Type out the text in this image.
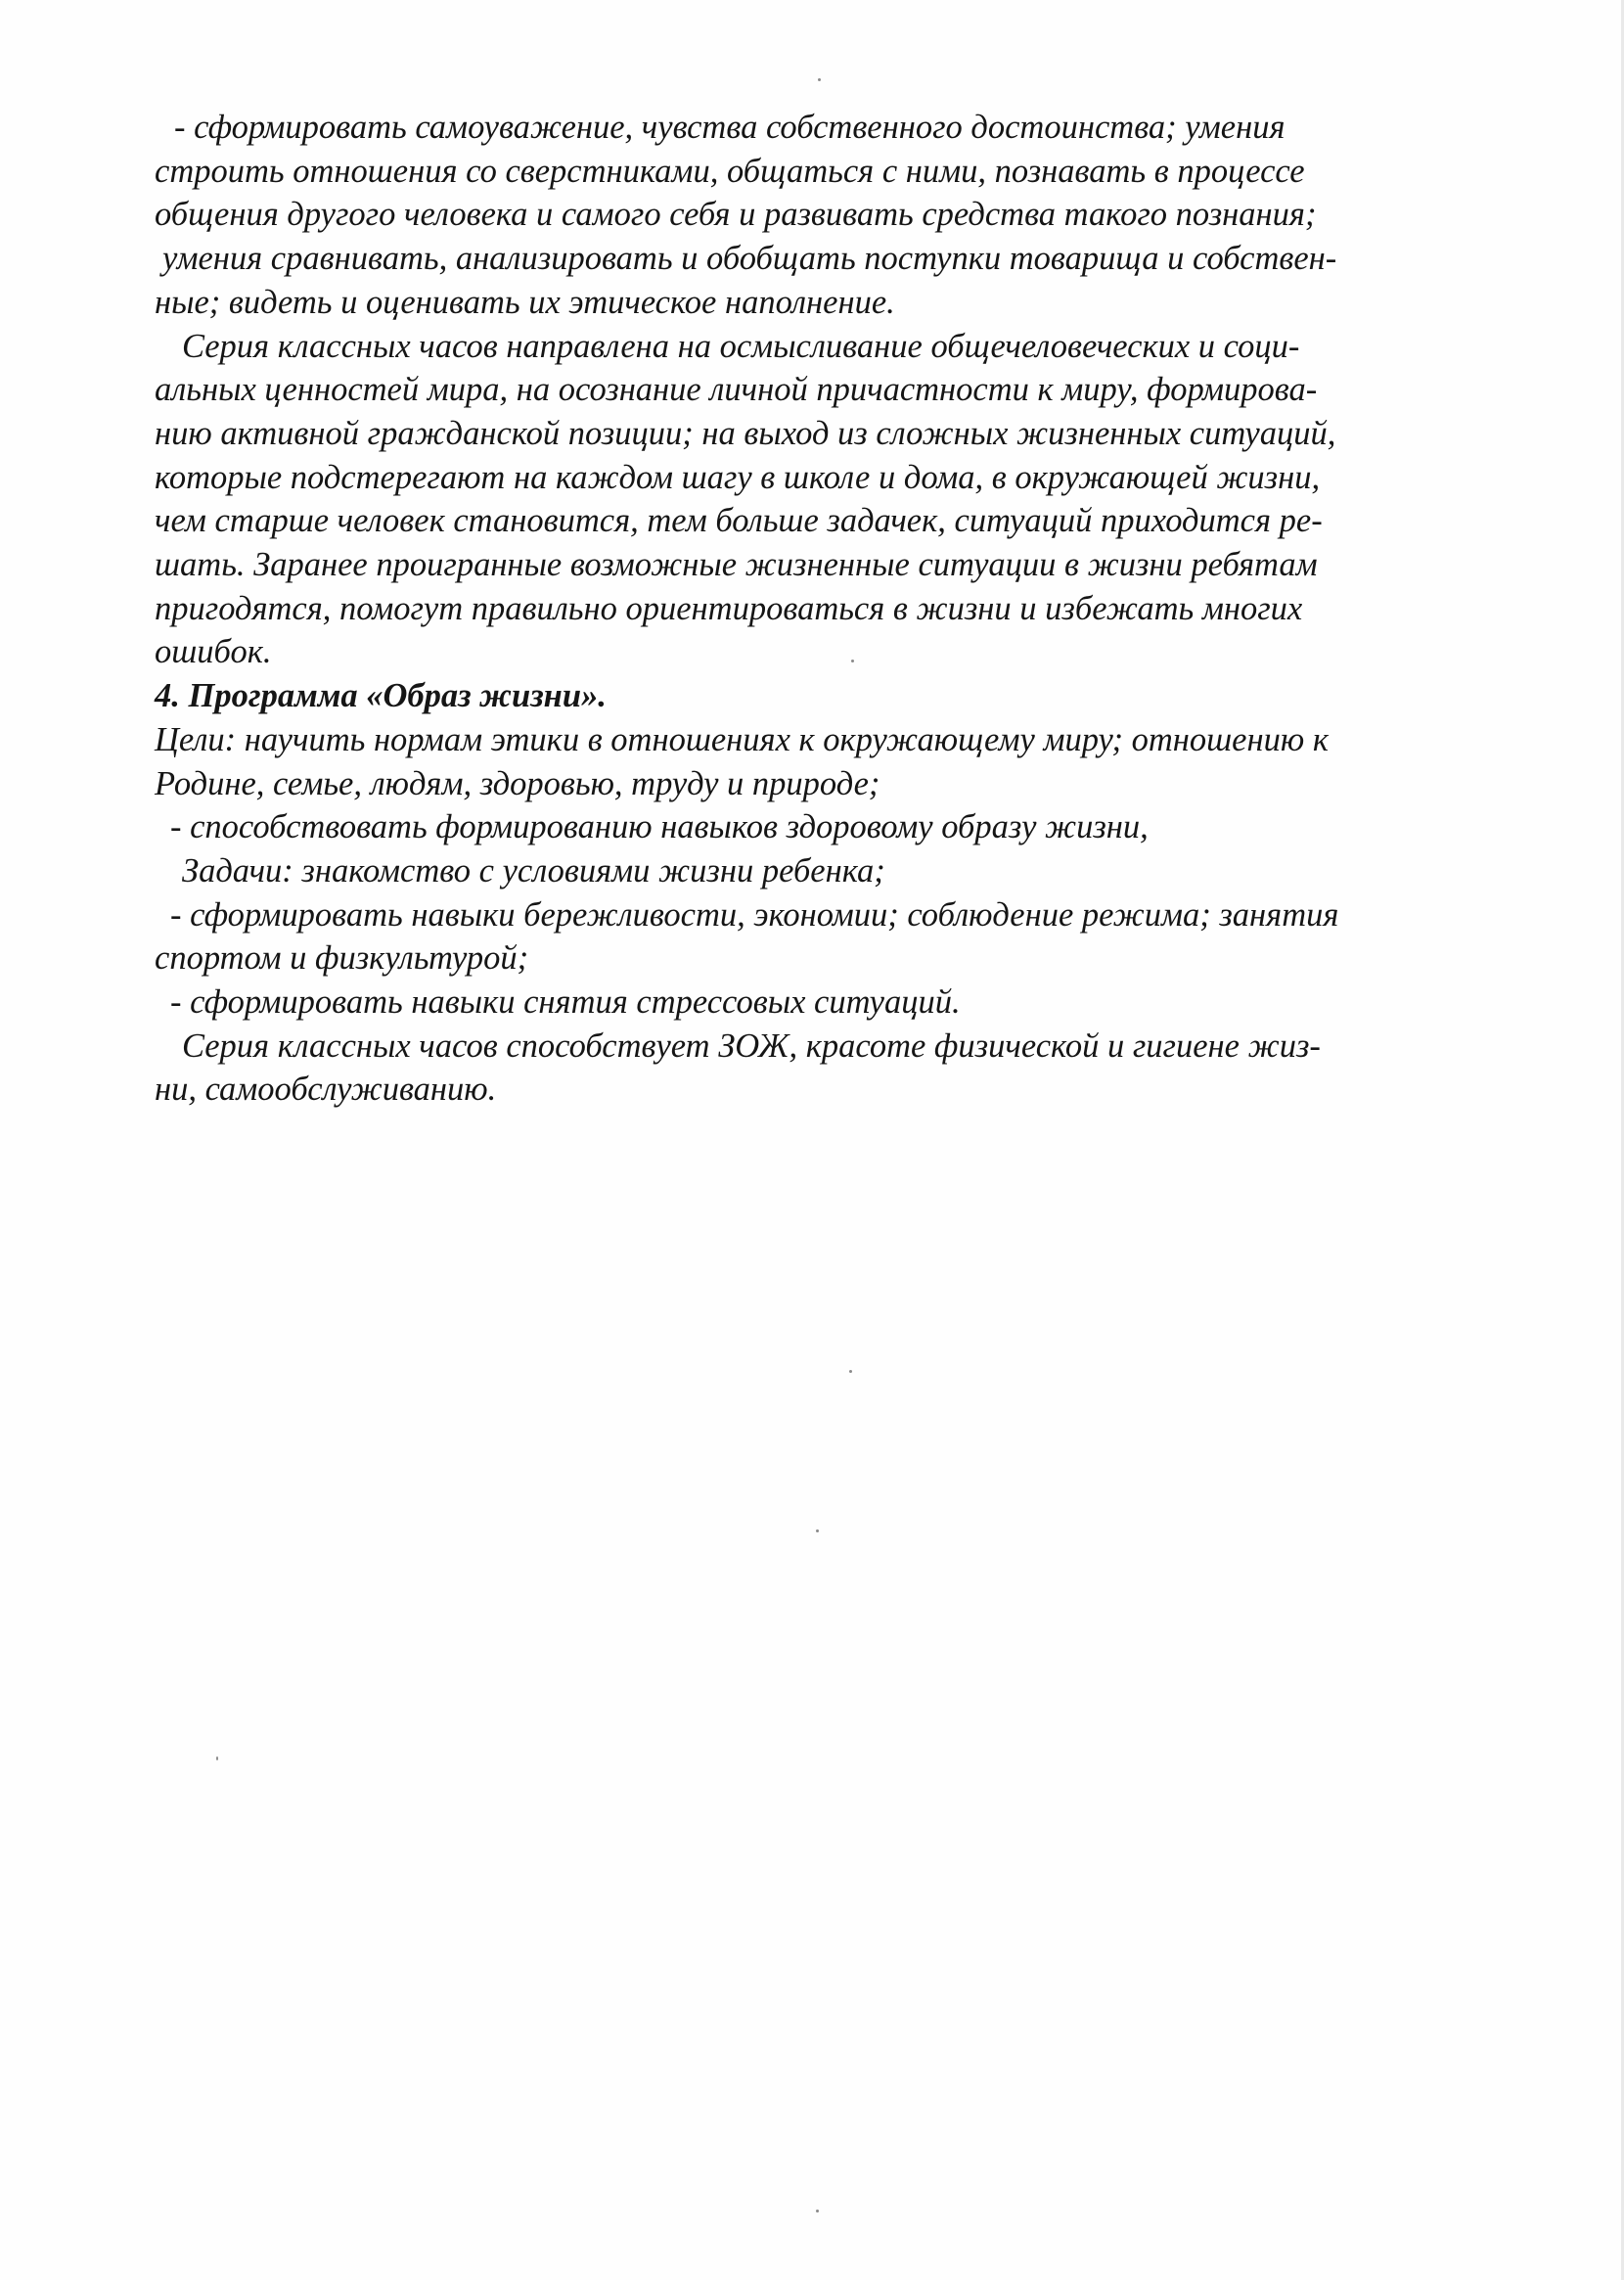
- сформировать самоуважение, чувства собственного достоинства; умения
строить отношения со сверстниками, общаться с ними, познавать в процессе
общения другого человека и самого себя и развивать средства такого познания;
умения сравнивать, анализировать и обобщать поступки товарища и собствен-
ные; видеть и оценивать их этическое наполнение.
Серия классных часов направлена на осмысливание общечеловеческих и соци-
альных ценностей мира, на осознание личной причастности к миру, формирова-
нию активной гражданской позиции; на выход из сложных жизненных ситуаций,
которые подстерегают на каждом шагу в школе и дома, в окружающей жизни,
чем старше человек становится, тем больше задачек, ситуаций приходится ре-
шать. Заранее проигранные возможные жизненные ситуации в жизни ребятам
пригодятся, помогут правильно ориентироваться в жизни и избежать многих
ошибок.
4. Программа «Образ жизни».
Цели: научить нормам этики в отношениях к окружающему миру; отношению к
Родине, семье, людям, здоровью, труду и природе;
- способствовать формированию навыков здоровому образу жизни,
Задачи: знакомство с условиями жизни ребенка;
- сформировать навыки бережливости, экономии; соблюдение режима; занятия
спортом и физкультурой;
- сформировать навыки снятия стрессовых ситуаций.
Серия классных часов способствует ЗОЖ, красоте физической и гигиене жиз-
ни, самообслуживанию.
